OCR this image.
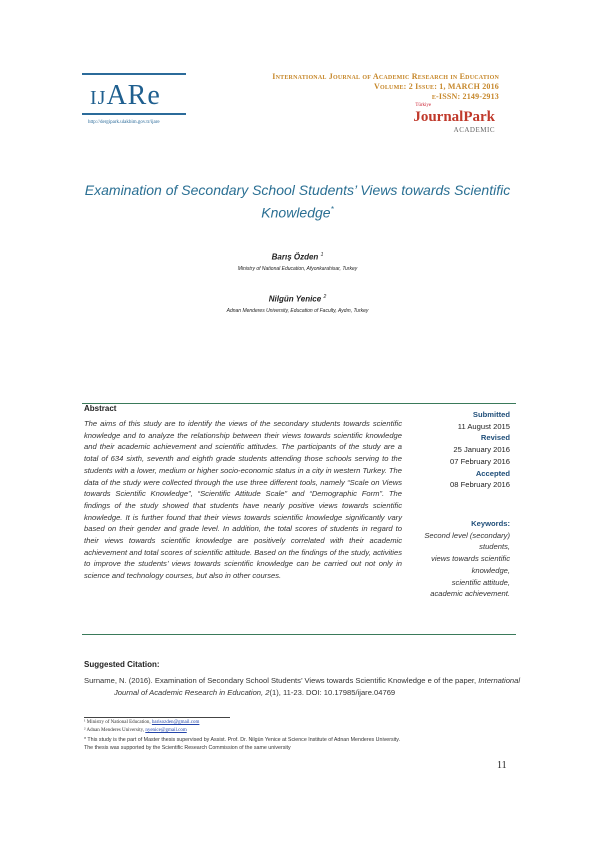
IJARe
http://dergipark.ulakbim.gov.tr/ijare
International Journal of Academic Research in Education
Volume: 2 Issue: 1, MARCH 2016
e-ISSN: 2149-2913
Türkiye
JournalPark
ACADEMIC
Examination of Secondary School Students’ Views towards Scientific Knowledge*
Barış Özden $^1$
Ministry of National Education, Afyonkarahisar, Turkey
Nilgün Yenice $^2$
Adnan Menderes University, Education of Faculty, Aydın, Turkey
Abstract
The aims of this study are to identify the views of the secondary students towards scientific knowledge and to analyze the relationship between their views towards scientific knowledge and their academic achievement and scientific attitudes. The participants of the study are a total of 634 sixth, seventh and eighth grade students attending those schools serving to the students with a lower, medium or higher socio-economic status in a city in western Turkey. The data of the study were collected through the use three different tools, namely “Scale on Views towards Scientific Knowledge”, “Scientific Attitude Scale” and “Demographic Form”. The findings of the study showed that students have nearly positive views towards scientific knowledge. It is further found that their views towards scientific knowledge significantly vary based on their gender and grade level. In addition, the total scores of students in regard to their views towards scientific knowledge are positively correlated with their academic achievement and total scores of scientific attitude. Based on the findings of the study, activities to improve the students’ views towards scientific knowledge can be carried out not only in science and technology courses, but also in other courses.
Submitted
11 August 2015
Revised
25 January 2016
07 February 2016
Accepted
08 February 2016
Keywords:
Second level (secondary)
students,
views towards scientific
knowledge,
scientific attitude,
academic achievement.
Suggested Citation:
Surname, N. (2016). Examination of Secondary School Students’ Views towards Scientific Knowledge e of the paper, International Journal of Academic Research in Education, 2(1), 11-23. DOI: 10.17985/ijare.04769
¹ Ministry of National Education, barisozden@gmail.com
² Adnan Menderes University, nyenice@gmail.com
* This study is the part of Master thesis supervised by Assist. Prof. Dr. Nilgün Yenice at Science Institute of Adnan Menderes University.
The thesis was supported by the Scientific Research Commission of the same university
11
